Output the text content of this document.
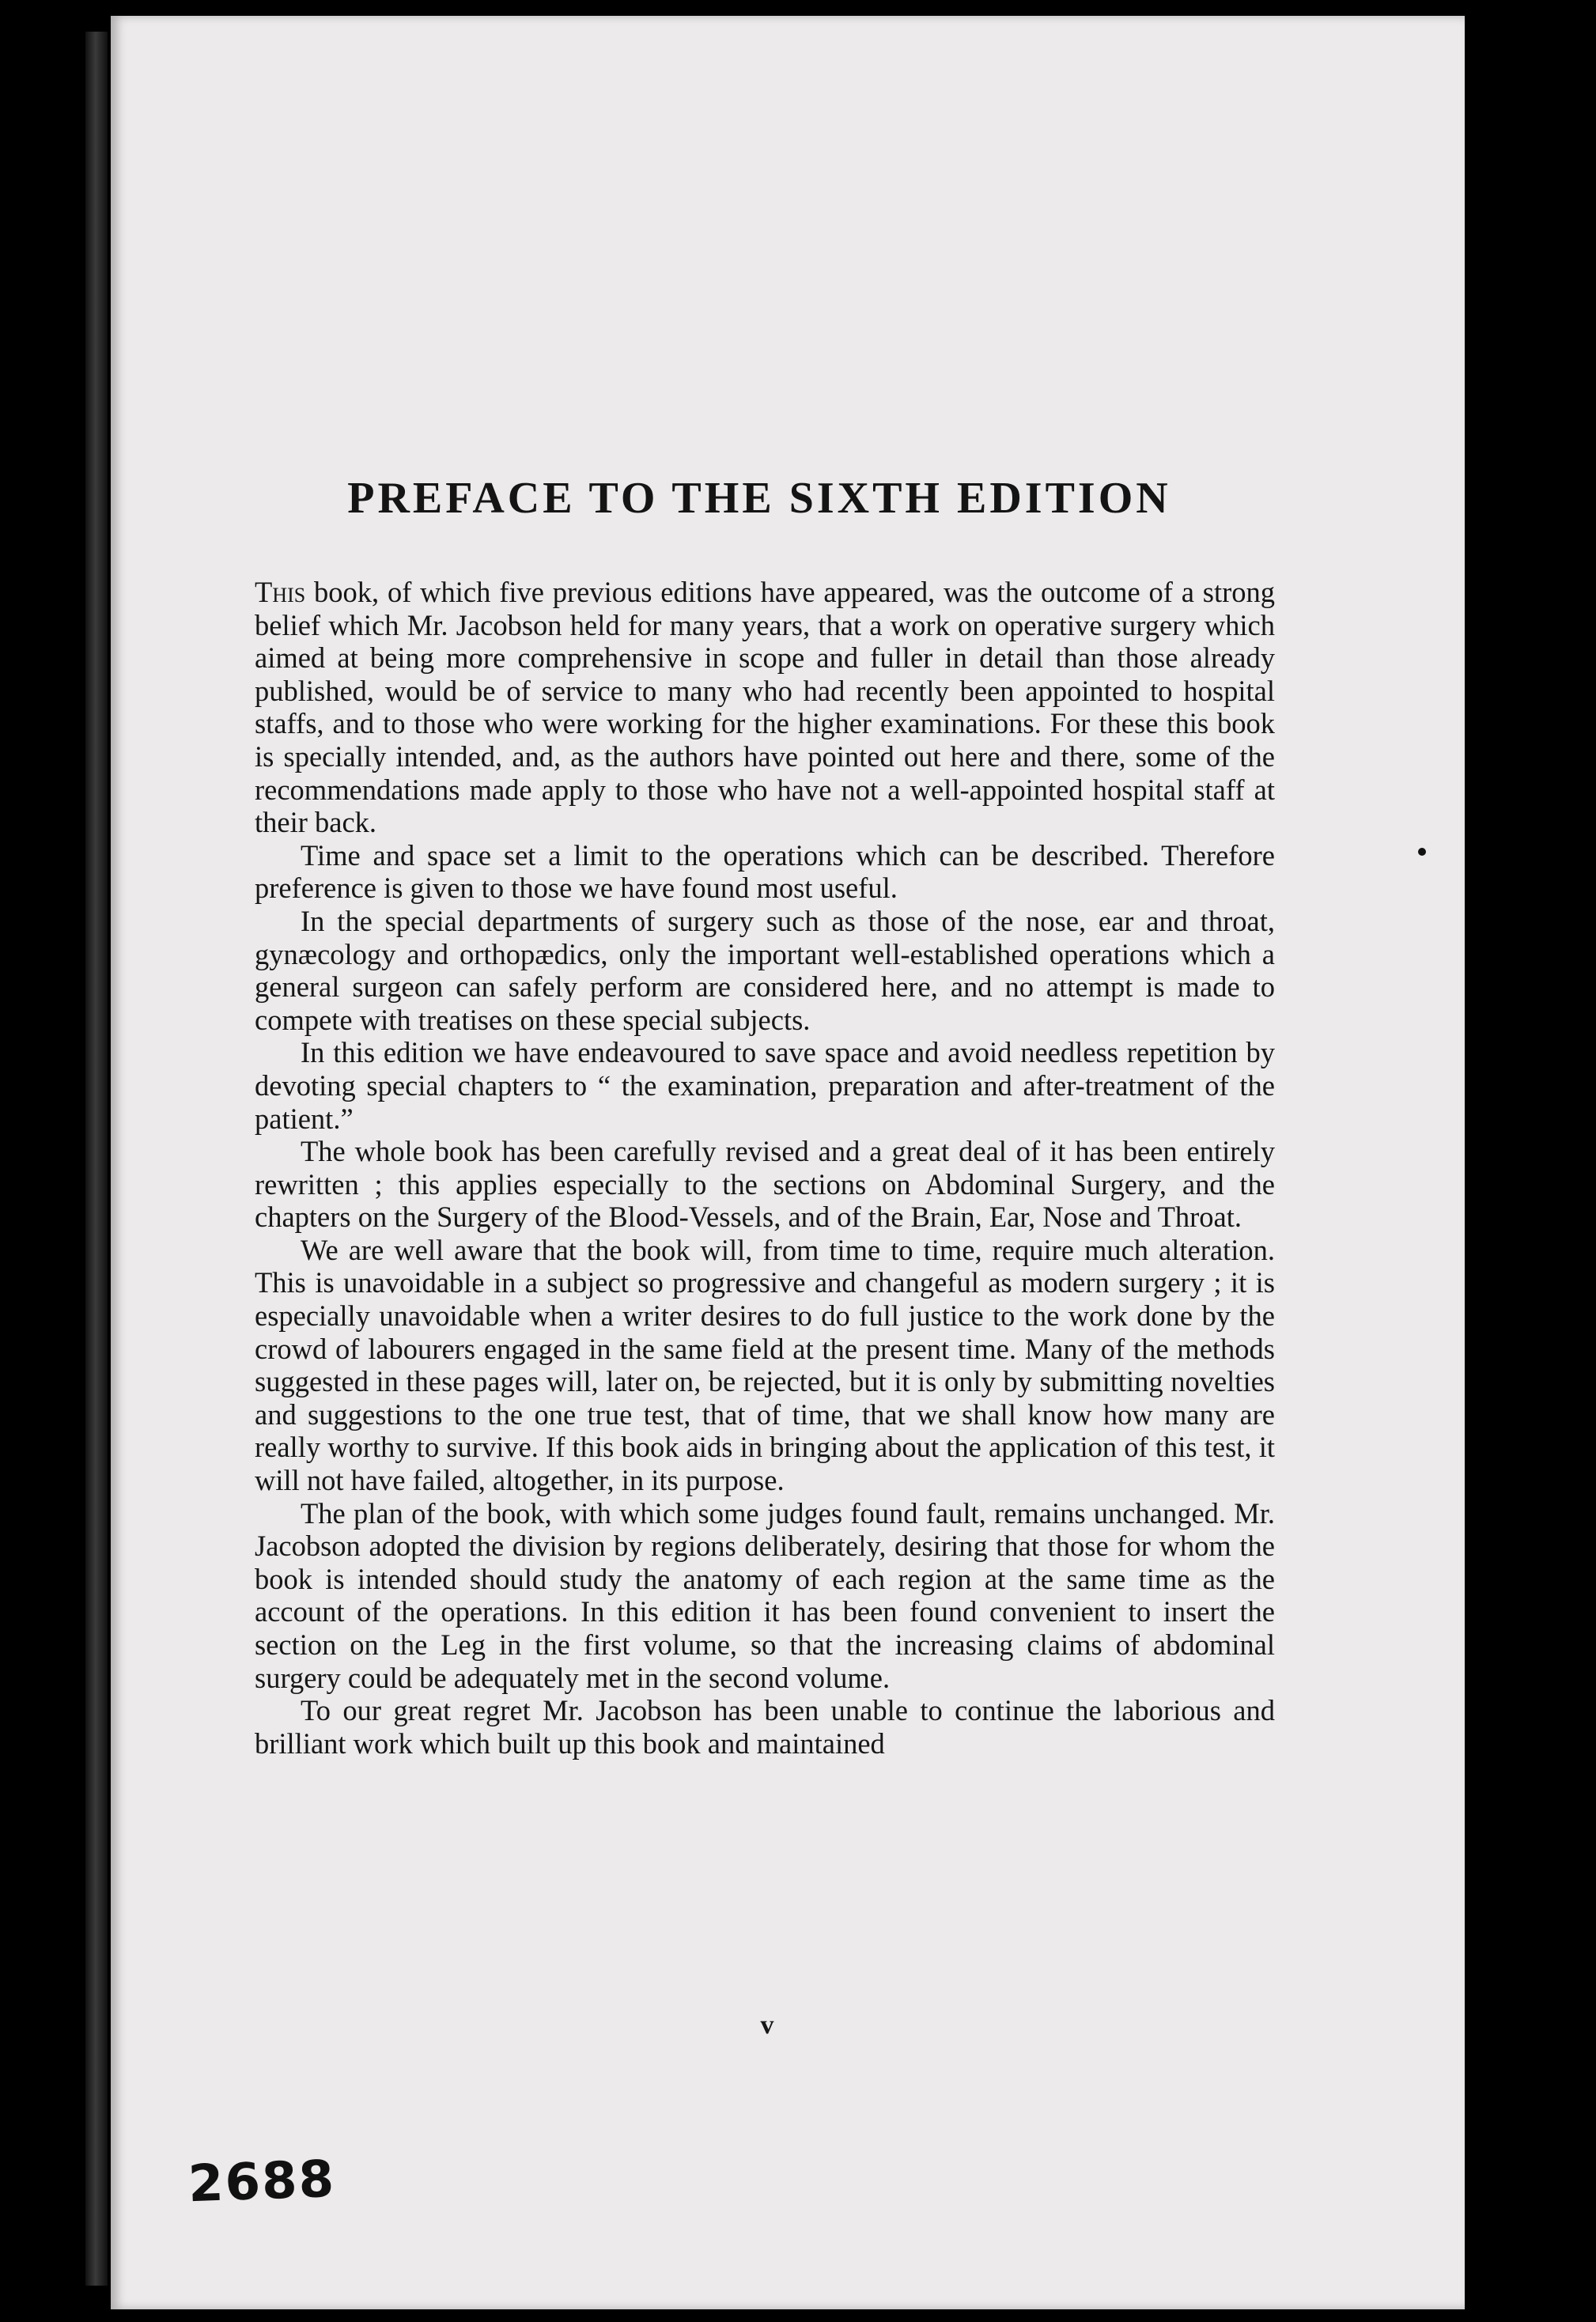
PREFACE TO THE SIXTH EDITION

This book, of which five previous editions have appeared, was the outcome of a strong belief which Mr. Jacobson held for many years, that a work on operative surgery which aimed at being more comprehensive in scope and fuller in detail than those already published, would be of service to many who had recently been appointed to hospital staffs, and to those who were working for the higher examinations. For these this book is specially intended, and, as the authors have pointed out here and there, some of the recommendations made apply to those who have not a well-appointed hospital staff at their back.

Time and space set a limit to the operations which can be described. Therefore preference is given to those we have found most useful.

In the special departments of surgery such as those of the nose, ear and throat, gynæcology and orthopædics, only the important well-established operations which a general surgeon can safely perform are considered here, and no attempt is made to compete with treatises on these special subjects.

In this edition we have endeavoured to save space and avoid needless repetition by devoting special chapters to “ the examination, preparation and after-treatment of the patient.”

The whole book has been carefully revised and a great deal of it has been entirely rewritten ; this applies especially to the sections on Abdominal Surgery, and the chapters on the Surgery of the Blood-Vessels, and of the Brain, Ear, Nose and Throat.

We are well aware that the book will, from time to time, require much alteration. This is unavoidable in a subject so progressive and changeful as modern surgery ; it is especially unavoidable when a writer desires to do full justice to the work done by the crowd of labourers engaged in the same field at the present time. Many of the methods suggested in these pages will, later on, be rejected, but it is only by submitting novelties and suggestions to the one true test, that of time, that we shall know how many are really worthy to survive. If this book aids in bringing about the application of this test, it will not have failed, altogether, in its purpose.

The plan of the book, with which some judges found fault, remains unchanged. Mr. Jacobson adopted the division by regions deliberately, desiring that those for whom the book is intended should study the anatomy of each region at the same time as the account of the operations. In this edition it has been found convenient to insert the section on the Leg in the first volume, so that the increasing claims of abdominal surgery could be adequately met in the second volume.

To our great regret Mr. Jacobson has been unable to continue the laborious and brilliant work which built up this book and maintained

v
2688
